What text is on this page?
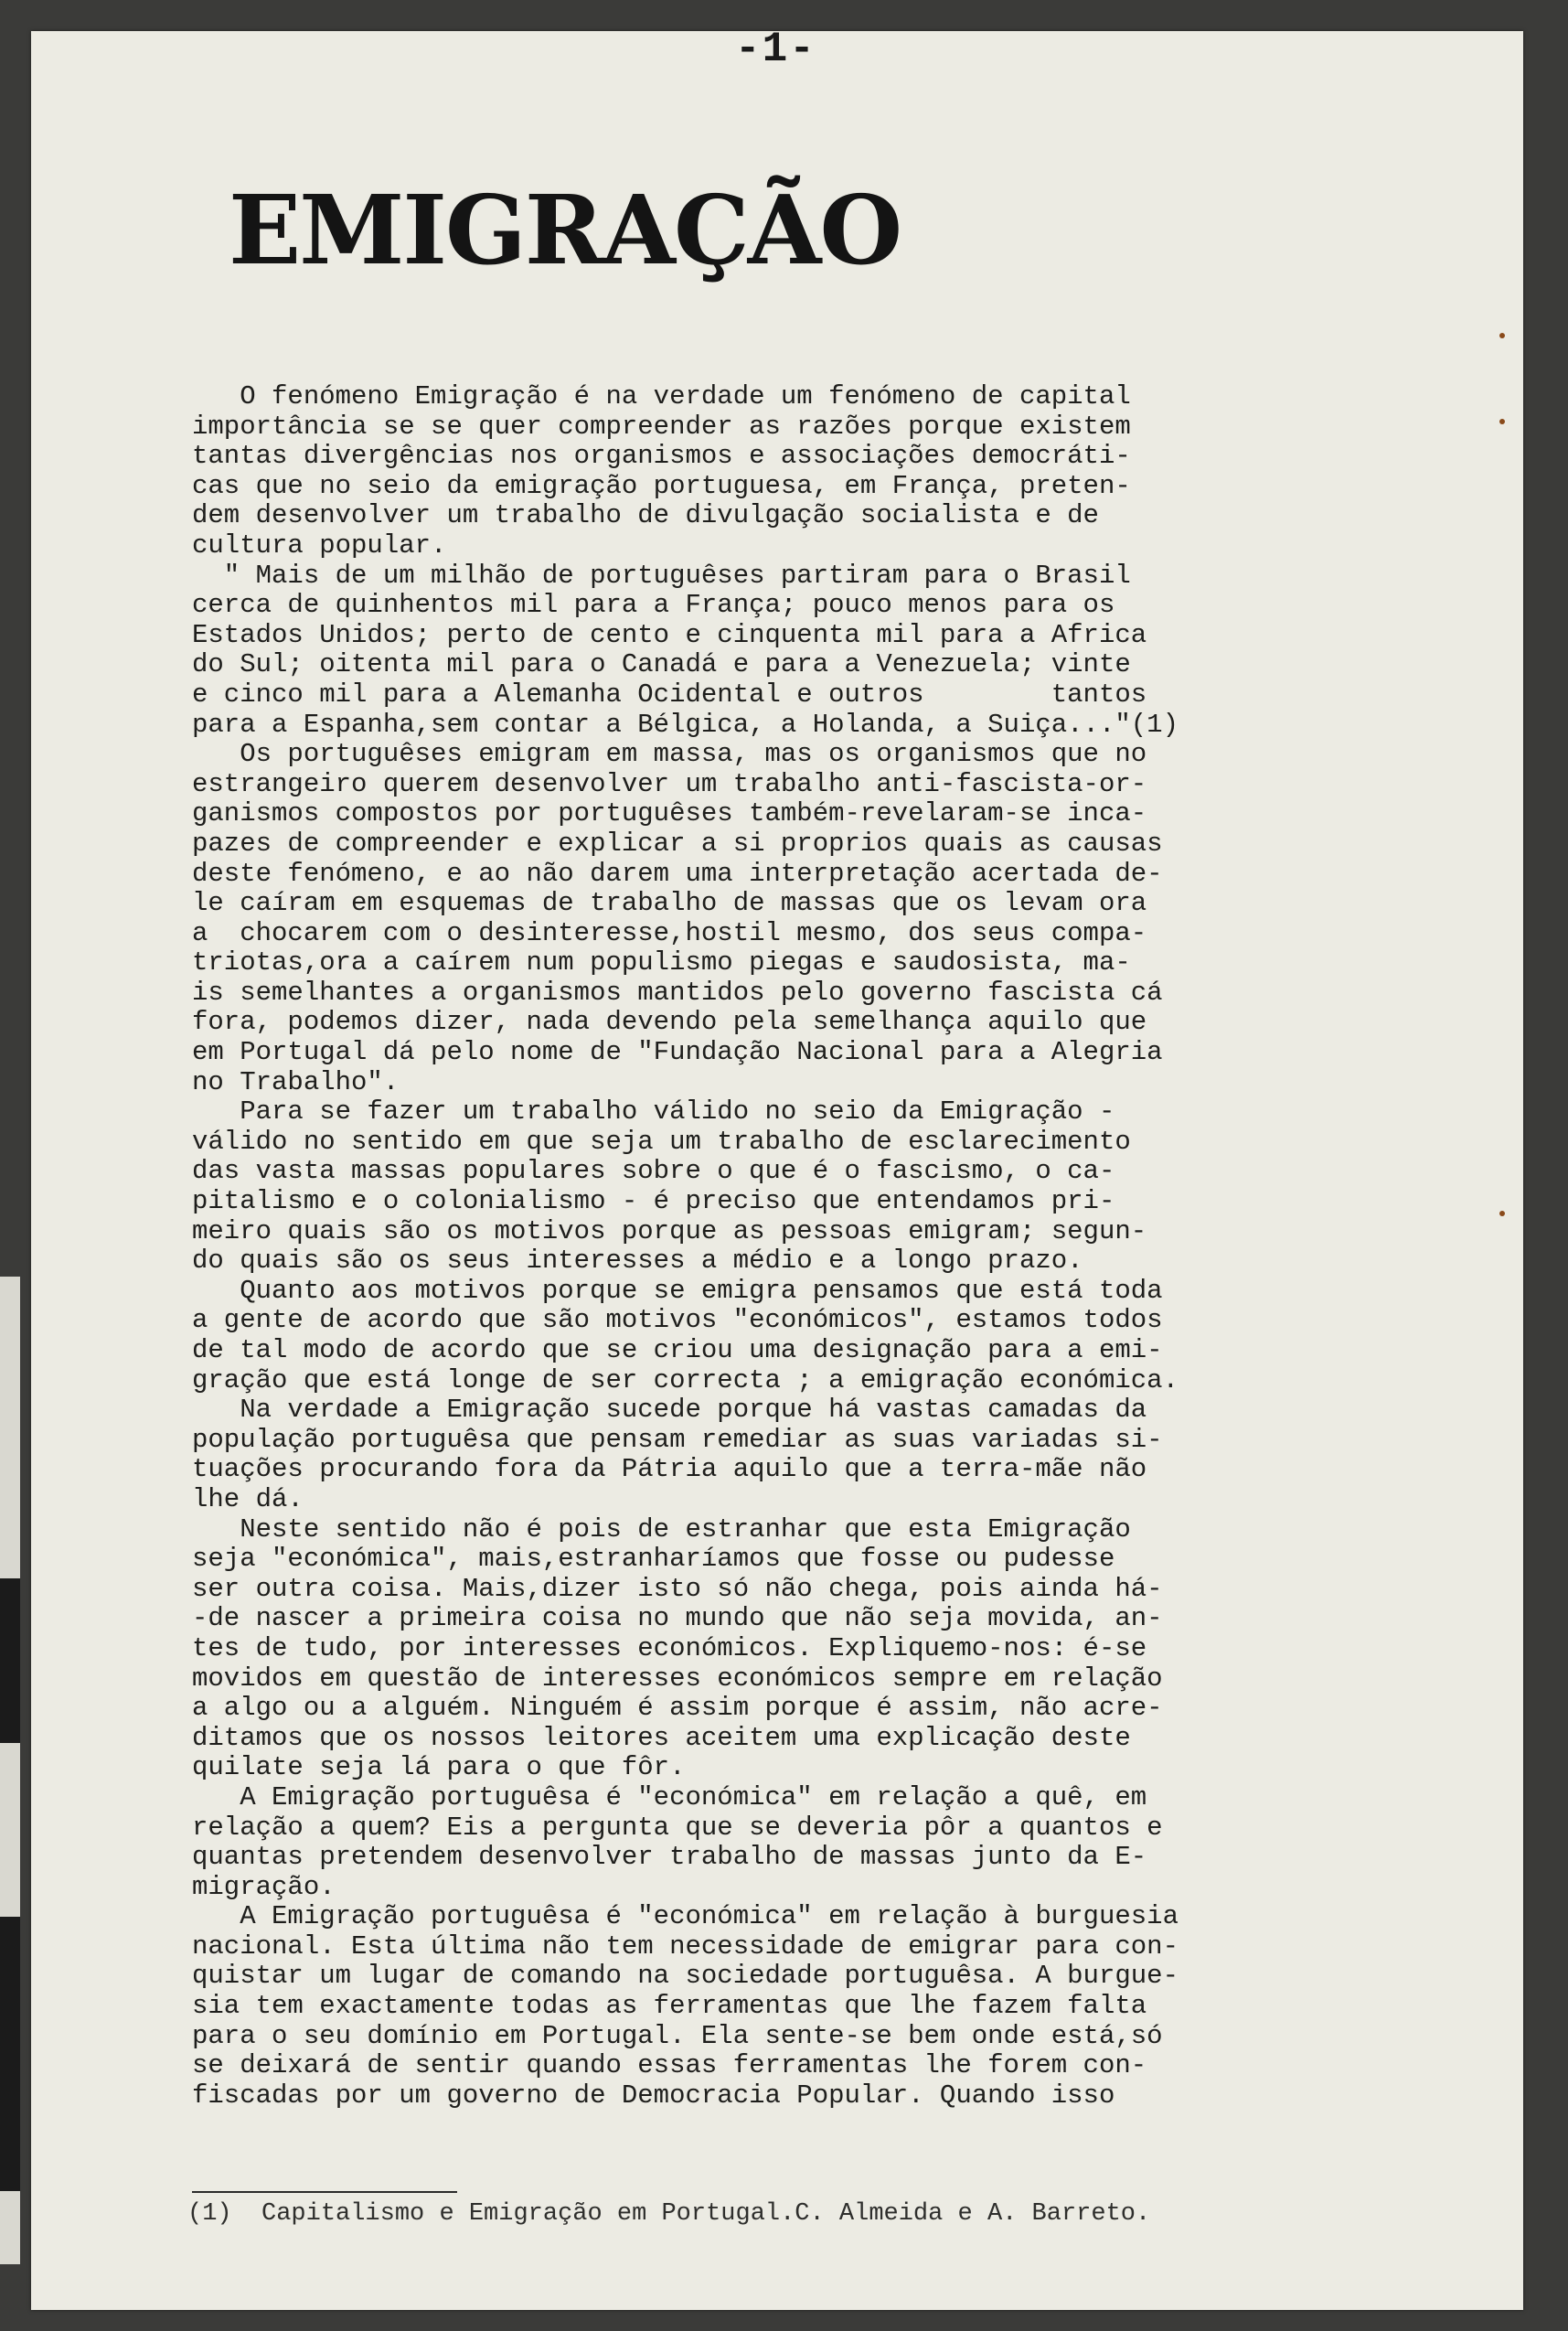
-1-
EMIGRAÇÃO
O fenómeno Emigração é na verdade um fenómeno de capital
importância se se quer compreender as razões porque existem
tantas divergências nos organismos e associações democráti-
cas que no seio da emigração portuguesa, em França, preten-
dem desenvolver um trabalho de divulgação socialista e de
cultura popular.
" Mais de um milhão de portuguêses partiram para o Brasil
cerca de quinhentos mil para a França; pouco menos para os
Estados Unidos; perto de cento e cinquenta mil para a Africa
do Sul; oitenta mil para o Canadá e para a Venezuela; vinte
e cinco mil para a Alemanha Ocidental e outros        tantos
para a Espanha,sem contar a Bélgica, a Holanda, a Suiça..."(1)
Os portuguêses emigram em massa, mas os organismos que no
estrangeiro querem desenvolver um trabalho anti-fascista-or-
ganismos compostos por portuguêses também-revelaram-se inca-
pazes de compreender e explicar a si proprios quais as causas
deste fenómeno, e ao não darem uma interpretação acertada de-
le caíram em esquemas de trabalho de massas que os levam ora
a  chocarem com o desinteresse,hostil mesmo, dos seus compa-
triotas,ora a caírem num populismo piegas e saudosista, ma-
is semelhantes a organismos mantidos pelo governo fascista cá
fora, podemos dizer, nada devendo pela semelhança aquilo que
em Portugal dá pelo nome de "Fundação Nacional para a Alegria
no Trabalho".
Para se fazer um trabalho válido no seio da Emigração -
válido no sentido em que seja um trabalho de esclarecimento
das vasta massas populares sobre o que é o fascismo, o ca-
pitalismo e o colonialismo - é preciso que entendamos pri-
meiro quais são os motivos porque as pessoas emigram; segun-
do quais são os seus interesses a médio e a longo prazo.
Quanto aos motivos porque se emigra pensamos que está toda
a gente de acordo que são motivos "económicos", estamos todos
de tal modo de acordo que se criou uma designação para a emi-
gração que está longe de ser correcta ; a emigração económica.
Na verdade a Emigração sucede porque há vastas camadas da
população portuguêsa que pensam remediar as suas variadas si-
tuações procurando fora da Pátria aquilo que a terra-mãe não
lhe dá.
Neste sentido não é pois de estranhar que esta Emigração
seja "económica", mais,estranharíamos que fosse ou pudesse
ser outra coisa. Mais,dizer isto só não chega, pois ainda há-
-de nascer a primeira coisa no mundo que não seja movida, an-
tes de tudo, por interesses económicos. Expliquemo-nos: é-se
movidos em questão de interesses económicos sempre em relação
a algo ou a alguém. Ninguém é assim porque é assim, não acre-
ditamos que os nossos leitores aceitem uma explicação deste
quilate seja lá para o que fôr.
A Emigração portuguêsa é "económica" em relação a quê, em
relação a quem? Eis a pergunta que se deveria pôr a quantos e
quantas pretendem desenvolver trabalho de massas junto da E-
migração.
A Emigração portuguêsa é "económica" em relação à burguesia
nacional. Esta última não tem necessidade de emigrar para con-
quistar um lugar de comando na sociedade portuguêsa. A burgue-
sia tem exactamente todas as ferramentas que lhe fazem falta
para o seu domínio em Portugal. Ela sente-se bem onde está,só
se deixará de sentir quando essas ferramentas lhe forem con-
fiscadas por um governo de Democracia Popular. Quando isso

(1)  Capitalismo e Emigração em Portugal.C. Almeida e A. Barreto.
